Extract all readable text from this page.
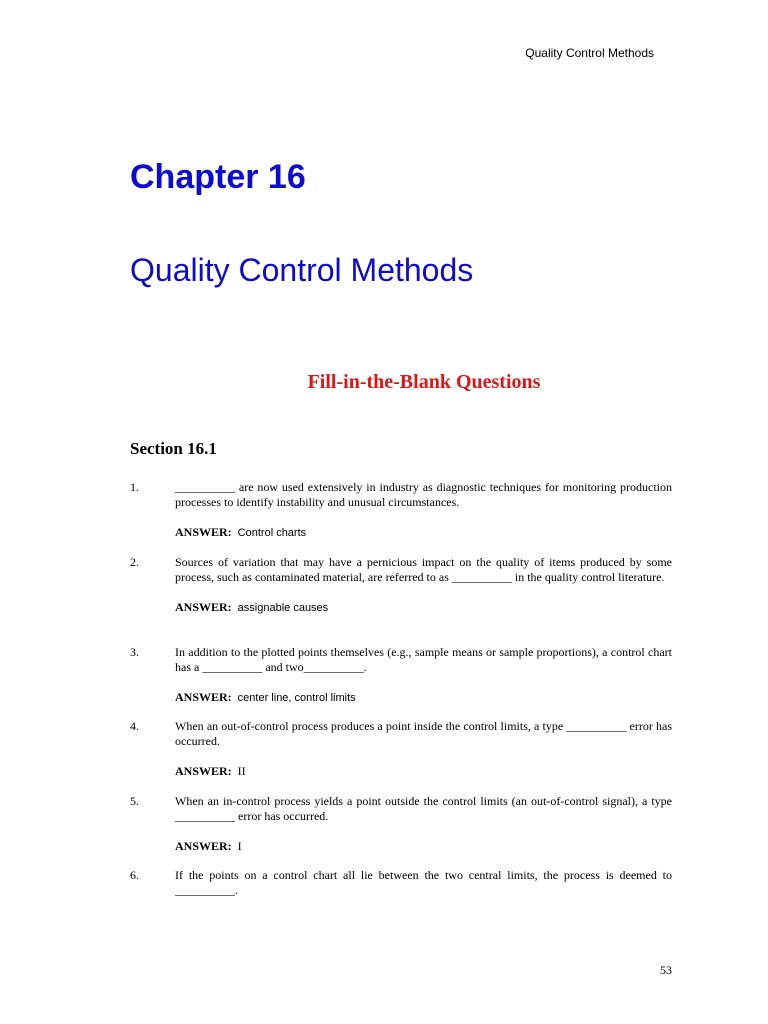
Quality Control Methods
Chapter 16
Quality Control Methods
Fill-in-the-Blank Questions
Section 16.1
1.	__________ are now used extensively in industry as diagnostic techniques for monitoring production processes to identify instability and unusual circumstances.
ANSWER: Control charts
2.	Sources of variation that may have a pernicious impact on the quality of items produced by some process, such as contaminated material, are referred to as __________ in the quality control literature.
ANSWER: assignable causes
3.	In addition to the plotted points themselves (e.g., sample means or sample proportions), a control chart has a __________ and two__________.
ANSWER: center line, control limits
4.	When an out-of-control process produces a point inside the control limits, a type __________ error has occurred.
ANSWER: II
5.	When an in-control process yields a point outside the control limits (an out-of-control signal), a type __________ error has occurred.
ANSWER: I
6.	If the points on a control chart all lie between the two central limits, the process is deemed to __________.
53
